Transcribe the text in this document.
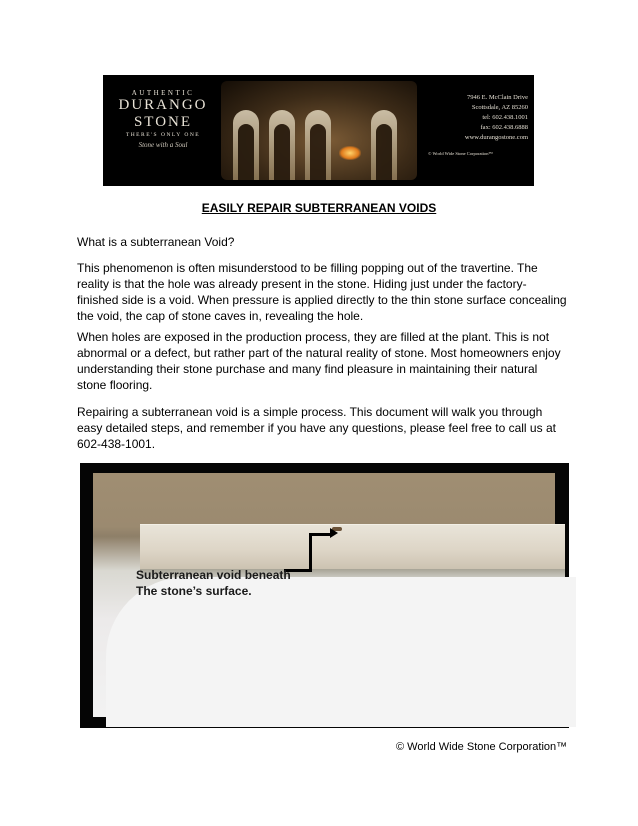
AUTHENTIC
DURANGO
STONE
THERE'S ONLY ONE
Stone with a Soul
7946 E. McClain Drive
Scottsdale, AZ 85260
tel: 602.438.1001
fax: 602.438.6888
www.durangostone.com
© World Wide Stone Corporation™
EASILY REPAIR SUBTERRANEAN VOIDS

What is a subterranean Void?

This phenomenon is often misunderstood to be filling popping out of the travertine. The reality is that the hole was already present in the stone. Hiding just under the factory-finished side is a void. When pressure is applied directly to the thin stone surface concealing the void, the cap of stone caves in, revealing the hole.

When holes are exposed in the production process, they are filled at the plant. This is not abnormal or a defect, but rather part of the natural reality of stone. Most homeowners enjoy understanding their stone purchase and many find pleasure in maintaining their natural stone flooring.

Repairing a subterranean void is a simple process. This document will walk you through easy detailed steps, and remember if you have any questions, please feel free to call us at 602-438-1001.

Subterranean void beneath
The stone’s surface.
© World Wide Stone Corporation™
